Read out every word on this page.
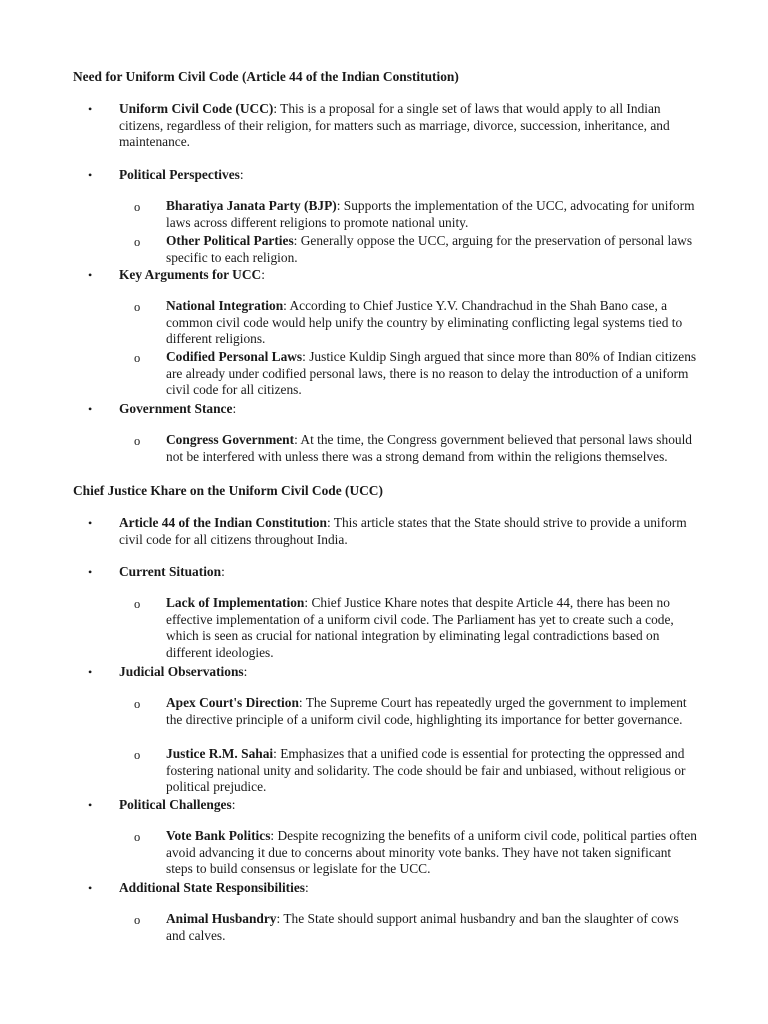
Need for Uniform Civil Code (Article 44 of the Indian Constitution)
• Uniform Civil Code (UCC): This is a proposal for a single set of laws that would apply to all Indian citizens, regardless of their religion, for matters such as marriage, divorce, succession, inheritance, and maintenance.
• Political Perspectives:
o Bharatiya Janata Party (BJP): Supports the implementation of the UCC, advocating for uniform laws across different religions to promote national unity.
o Other Political Parties: Generally oppose the UCC, arguing for the preservation of personal laws specific to each religion.
• Key Arguments for UCC:
o National Integration: According to Chief Justice Y.V. Chandrachud in the Shah Bano case, a common civil code would help unify the country by eliminating conflicting legal systems tied to different religions.
o Codified Personal Laws: Justice Kuldip Singh argued that since more than 80% of Indian citizens are already under codified personal laws, there is no reason to delay the introduction of a uniform civil code for all citizens.
• Government Stance:
o Congress Government: At the time, the Congress government believed that personal laws should not be interfered with unless there was a strong demand from within the religions themselves.
Chief Justice Khare on the Uniform Civil Code (UCC)
• Article 44 of the Indian Constitution: This article states that the State should strive to provide a uniform civil code for all citizens throughout India.
• Current Situation:
o Lack of Implementation: Chief Justice Khare notes that despite Article 44, there has been no effective implementation of a uniform civil code. The Parliament has yet to create such a code, which is seen as crucial for national integration by eliminating legal contradictions based on different ideologies.
• Judicial Observations:
o Apex Court's Direction: The Supreme Court has repeatedly urged the government to implement the directive principle of a uniform civil code, highlighting its importance for better governance.
o Justice R.M. Sahai: Emphasizes that a unified code is essential for protecting the oppressed and fostering national unity and solidarity. The code should be fair and unbiased, without religious or political prejudice.
• Political Challenges:
o Vote Bank Politics: Despite recognizing the benefits of a uniform civil code, political parties often avoid advancing it due to concerns about minority vote banks. They have not taken significant steps to build consensus or legislate for the UCC.
• Additional State Responsibilities:
o Animal Husbandry: The State should support animal husbandry and ban the slaughter of cows and calves.
